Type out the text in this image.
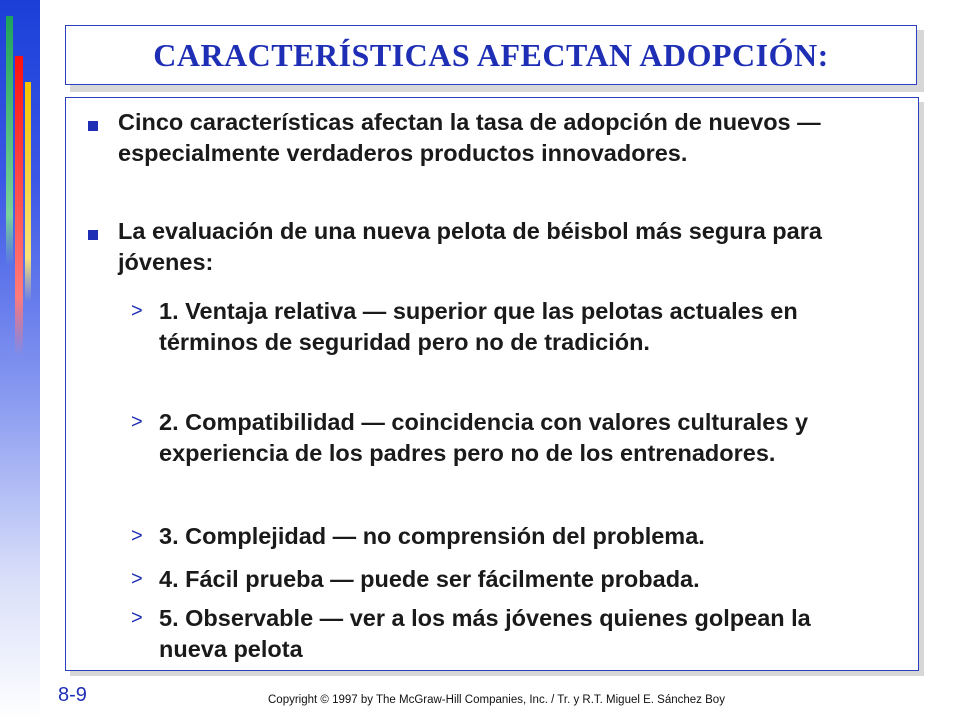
CARACTERÍSTICAS AFECTAN ADOPCIÓN:

Cinco características afectan la tasa de adopción de nuevos — especialmente verdaderos productos innovadores.

La evaluación de una nueva pelota de béisbol más segura para jóvenes:

> 1. Ventaja relativa — superior que las pelotas actuales en términos de seguridad pero no de tradición.

> 2. Compatibilidad — coincidencia con valores culturales y experiencia de los padres pero no de los entrenadores.

> 3. Complejidad — no comprensión del problema.

> 4. Fácil prueba — puede ser fácilmente probada.

> 5. Observable — ver a los más jóvenes quienes golpean la nueva pelota

8-9	Copyright © 1997 by The McGraw-Hill Companies, Inc. / Tr. y R.T. Miguel E. Sánchez Boy
